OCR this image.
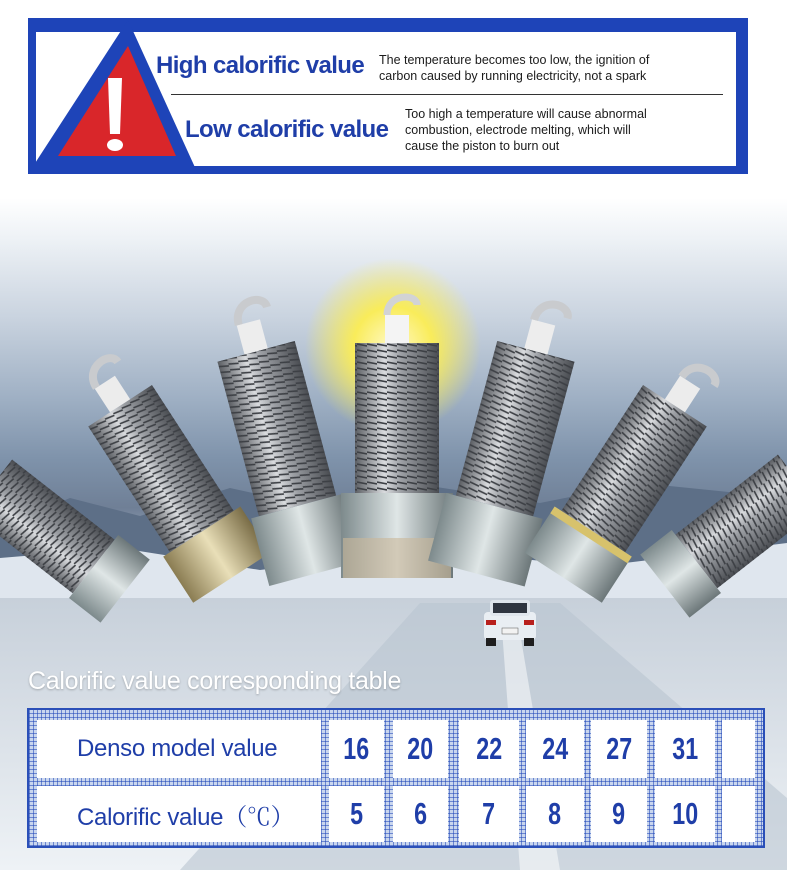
High calorific value The temperature becomes too low, the ignition of
carbon caused by running electricity, not a spark
Low calorific value
Too high a temperature will cause abnormal
combustion, electrode melting, which will
cause the piston to burn out
Calorific value corresponding table
Denso model value	16 20 22 24 27 31
Calorific value（℃）	5 6 7 8 9 10
